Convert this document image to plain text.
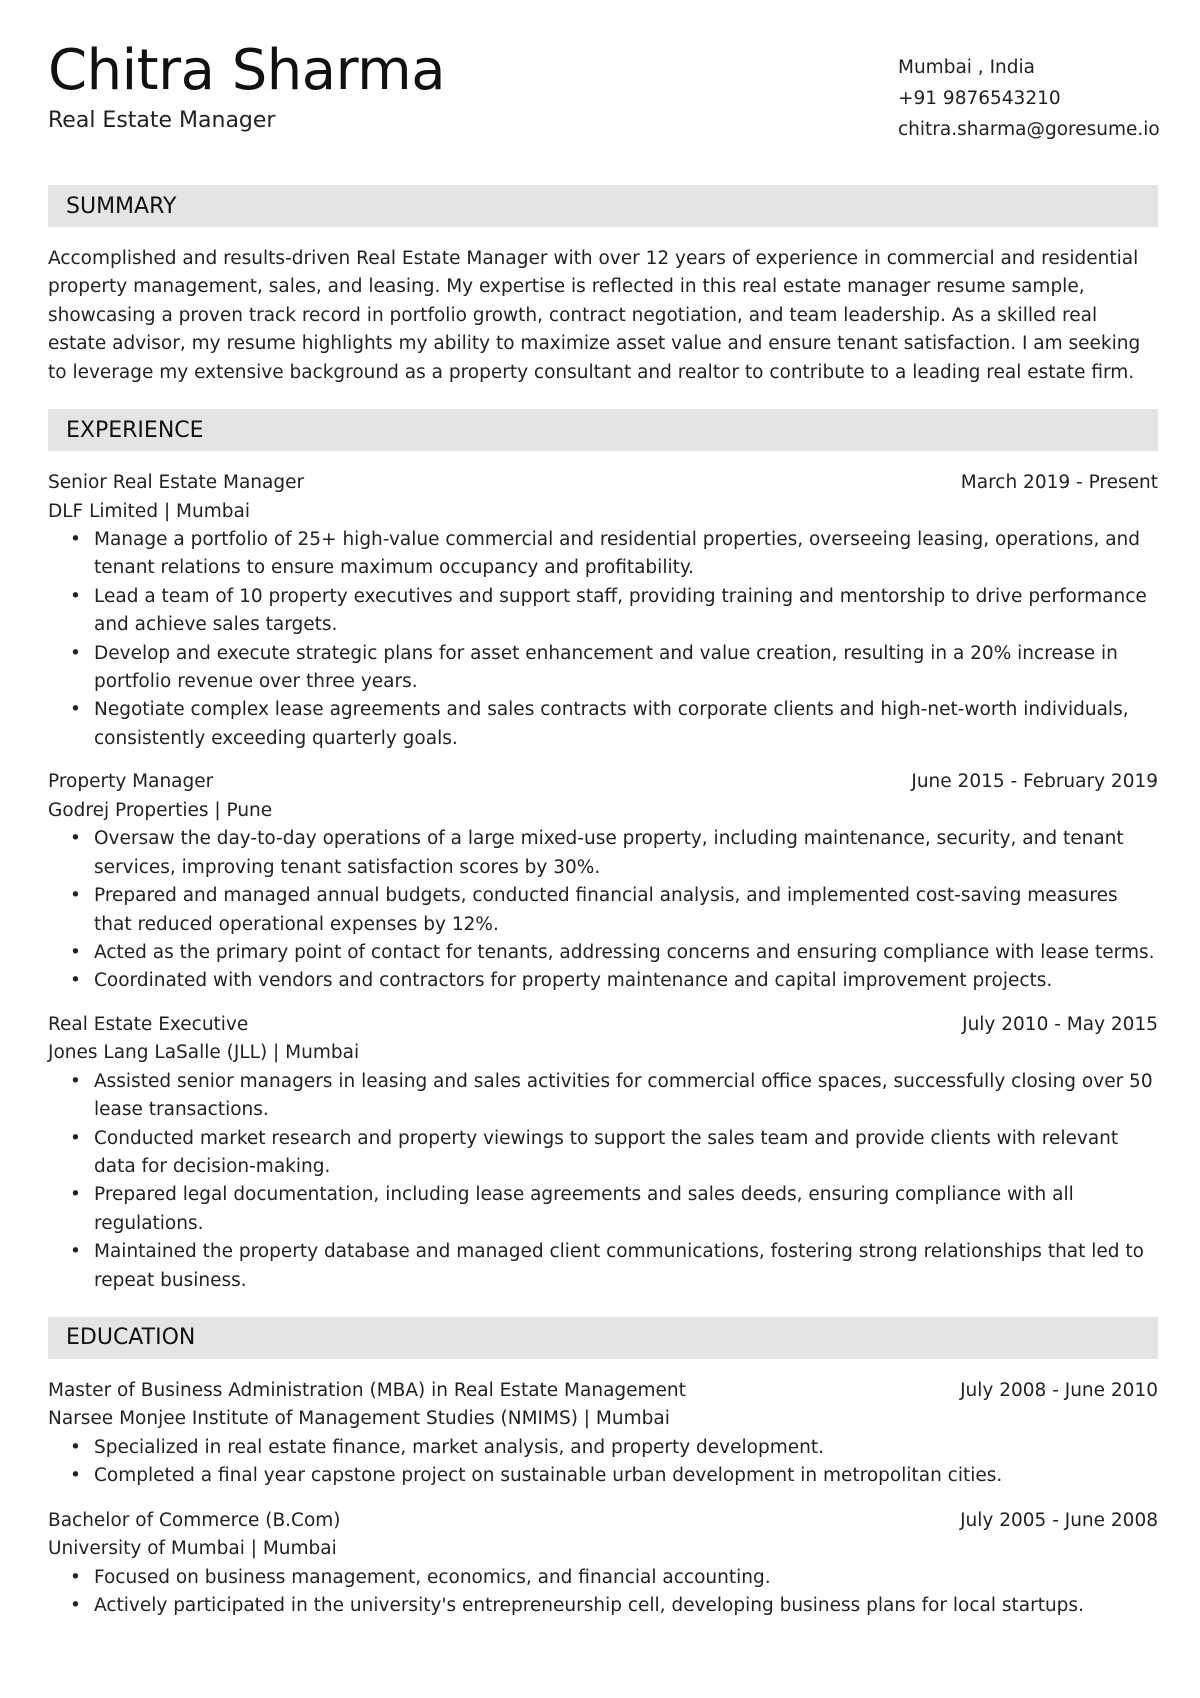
Chitra Sharma
Real Estate Manager
Mumbai , India
+91 9876543210
chitra.sharma@goresume.io
SUMMARY

Accomplished and results-driven Real Estate Manager with over 12 years of experience in commercial and residential property management, sales, and leasing. My expertise is reflected in this real estate manager resume sample, showcasing a proven track record in portfolio growth, contract negotiation, and team leadership. As a skilled real estate advisor, my resume highlights my ability to maximize asset value and ensure tenant satisfaction. I am seeking to leverage my extensive background as a property consultant and realtor to contribute to a leading real estate firm.

EXPERIENCE
Senior Real Estate Manager	March 2019 - Present
DLF Limited | Mumbai
• Manage a portfolio of 25+ high-value commercial and residential properties, overseeing leasing, operations, and tenant relations to ensure maximum occupancy and profitability.
• Lead a team of 10 property executives and support staff, providing training and mentorship to drive performance and achieve sales targets.
• Develop and execute strategic plans for asset enhancement and value creation, resulting in a 20% increase in portfolio revenue over three years.
• Negotiate complex lease agreements and sales contracts with corporate clients and high-net-worth individuals, consistently exceeding quarterly goals.
Property Manager	June 2015 - February 2019
Godrej Properties | Pune
• Oversaw the day-to-day operations of a large mixed-use property, including maintenance, security, and tenant services, improving tenant satisfaction scores by 30%.
• Prepared and managed annual budgets, conducted financial analysis, and implemented cost-saving measures that reduced operational expenses by 12%.
• Acted as the primary point of contact for tenants, addressing concerns and ensuring compliance with lease terms.
• Coordinated with vendors and contractors for property maintenance and capital improvement projects.
Real Estate Executive	July 2010 - May 2015
Jones Lang LaSalle (JLL) | Mumbai
• Assisted senior managers in leasing and sales activities for commercial office spaces, successfully closing over 50 lease transactions.
• Conducted market research and property viewings to support the sales team and provide clients with relevant data for decision-making.
• Prepared legal documentation, including lease agreements and sales deeds, ensuring compliance with all regulations.
• Maintained the property database and managed client communications, fostering strong relationships that led to repeat business.
EDUCATION
Master of Business Administration (MBA) in Real Estate Management	July 2008 - June 2010
Narsee Monjee Institute of Management Studies (NMIMS) | Mumbai
• Specialized in real estate finance, market analysis, and property development.
• Completed a final year capstone project on sustainable urban development in metropolitan cities.
Bachelor of Commerce (B.Com)	July 2005 - June 2008
University of Mumbai | Mumbai
• Focused on business management, economics, and financial accounting.
• Actively participated in the university's entrepreneurship cell, developing business plans for local startups.
